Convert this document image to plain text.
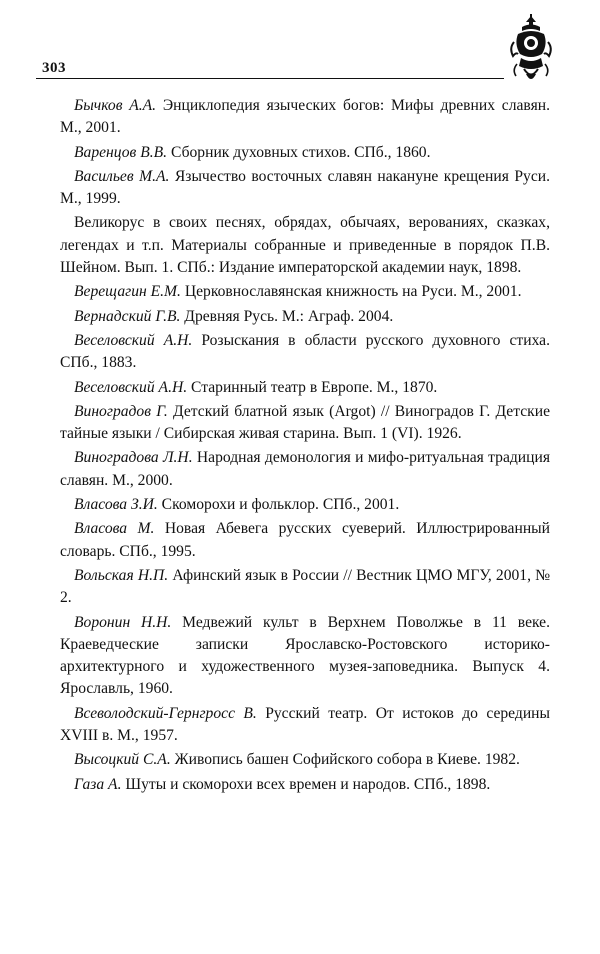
303

Бычков А.А. Энциклопедия языческих богов: Мифы древних славян. М., 2001.

Варенцов В.В. Сборник духовных стихов. СПб., 1860.

Васильев М.А. Язычество восточных славян накануне крещения Руси. М., 1999.

Великорус в своих песнях, обрядах, обычаях, верованиях, сказках, легендах и т.п. Материалы собранные и приведенные в порядок П.В. Шейном. Вып. 1. СПб.: Издание императорской академии наук, 1898.

Верещагин Е.М. Церковнославянская книжность на Руси. М., 2001.

Вернадский Г.В. Древняя Русь. М.: Аграф. 2004.

Веселовский А.Н. Розыскания в области русского духовного стиха. СПб., 1883.

Веселовский А.Н. Старинный театр в Европе. М., 1870.

Виноградов Г. Детский блатной язык (Argot) // Виноградов Г. Детские тайные языки / Сибирская живая старина. Вып. 1 (VI). 1926.

Виноградова Л.Н. Народная демонология и мифо-ритуальная традиция славян. М., 2000.

Власова З.И. Скоморохи и фольклор. СПб., 2001.

Власова М. Новая Абевега русских суеверий. Иллюстрированный словарь. СПб., 1995.

Вольская Н.П. Афинский язык в России // Вестник ЦМО МГУ, 2001, № 2.

Воронин Н.Н. Медвежий культ в Верхнем Поволжье в 11 веке. Краеведческие записки Ярославско-Ростовского историко-архитектурного и художественного музея-заповедника. Выпуск 4. Ярославль, 1960.

Всеволодский-Гернгросс В. Русский театр. От истоков до середины XVIII в. М., 1957.

Высоцкий С.А. Живопись башен Софийского собора в Киеве. 1982.

Газа А. Шуты и скоморохи всех времен и народов. СПб., 1898.
